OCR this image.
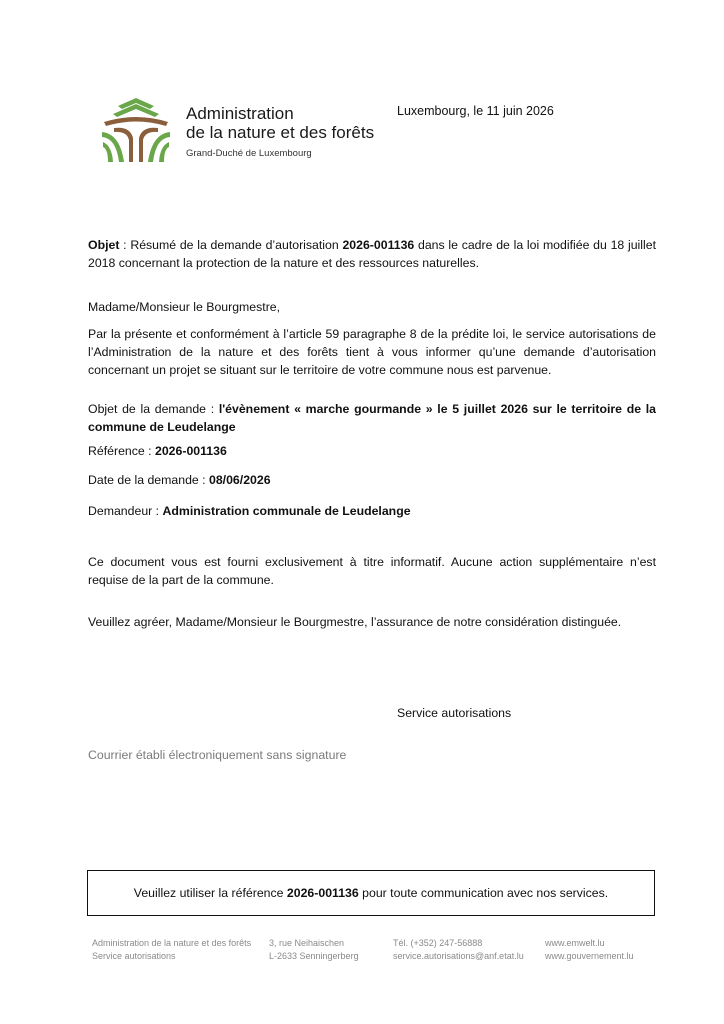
Administration
de la nature et des forêts
Grand-Duché de Luxembourg
Luxembourg, le 11 juin 2026
Objet : Résumé de la demande d’autorisation 2026-001136 dans le cadre de la loi modifiée du 18 juillet 2018 concernant la protection de la nature et des ressources naturelles.
Madame/Monsieur le Bourgmestre,
Par la présente et conformément à l’article 59 paragraphe 8 de la prédite loi, le service autorisations de l’Administration de la nature et des forêts tient à vous informer qu’une demande d’autorisation concernant un projet se situant sur le territoire de votre commune nous est parvenue.
Objet de la demande : l'évènement « marche gourmande » le 5 juillet 2026 sur le territoire de la commune de Leudelange
Référence : 2026-001136
Date de la demande : 08/06/2026
Demandeur : Administration communale de Leudelange
Ce document vous est fourni exclusivement à titre informatif. Aucune action supplémentaire n’est requise de la part de la commune.
Veuillez agréer, Madame/Monsieur le Bourgmestre, l’assurance de notre considération distinguée.
Service autorisations
Courrier établi électroniquement sans signature
Veuillez utiliser la référence 2026-001136 pour toute communication avec nos services.
Administration de la nature et des forêts
Service autorisations
3, rue Neihaischen
L-2633 Senningerberg
Tél. (+352) 247-56888
service.autorisations@anf.etat.lu
www.emwelt.lu
www.gouvernement.lu
